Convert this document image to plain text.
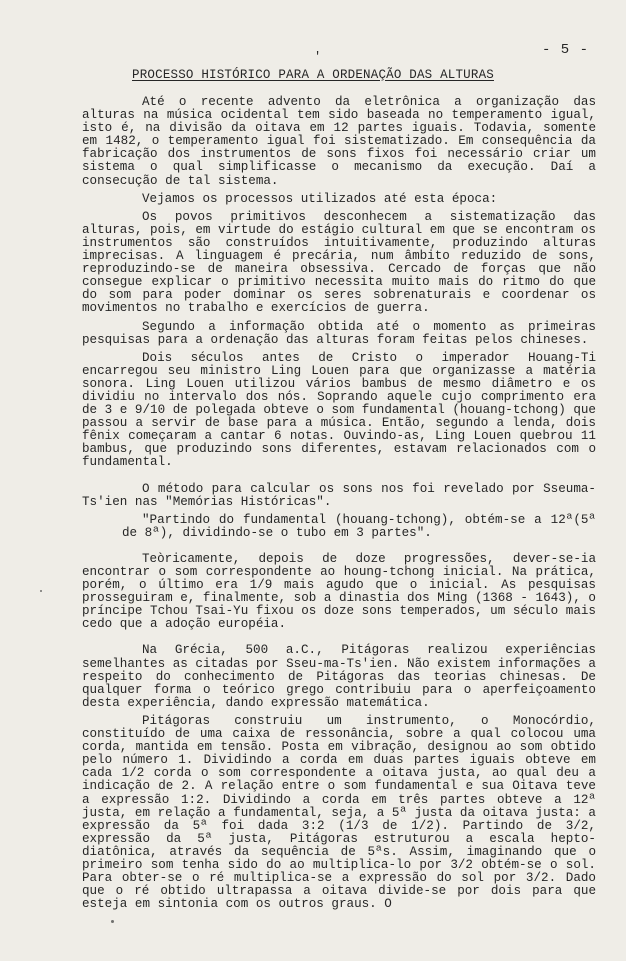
- 5 -
'
PROCESSO HISTÓRICO PARA A ORDENAÇÃO DAS ALTURAS

Até o recente advento da eletrônica a organização das alturas na música ocidental tem sido baseada no temperamento igual, isto é, na divisão da oitava em 12 partes iguais. Todavia, somente em 1482, o temperamento igual foi sistematizado. Em consequência da fabricação dos instrumentos de sons fixos foi necessário criar um sistema o qual simplificasse o mecanismo da execução. Daí a consecução de tal sistema.

Vejamos os processos utilizados até esta época:

Os povos primitivos desconhecem a sistematização das alturas, pois, em virtude do estágio cultural em que se encontram os instrumentos são construídos intuitivamente, produzindo alturas imprecisas. A linguagem é precária, num âmbito reduzido de sons, reproduzindo-se de maneira obsessiva. Cercado de forças que não consegue explicar o primitivo necessita muito mais do ritmo do que do som para poder dominar os seres sobrenaturais e coordenar os movimentos no trabalho e exercícios de guerra.

Segundo a informação obtida até o momento as primeiras pesquisas para a ordenação das alturas foram feitas pelos chineses.

Dois séculos antes de Cristo o imperador Houang-Ti encarregou seu ministro Ling Louen para que organizasse a matéria sonora. Ling Louen utilizou vários bambus de mesmo diâmetro e os dividiu no intervalo dos nós. Soprando aquele cujo comprimento era de 3 e 9/10 de polegada obteve o som fundamental (houang-tchong) que passou a servir de base para a música. Então, segundo a lenda, dois fênix começaram a cantar 6 notas. Ouvindo-as, Ling Louen quebrou 11 bambus, que produzindo sons diferentes, estavam relacionados com o fundamental.

O método para calcular os sons nos foi revelado por Sseuma-Ts'ien nas "Memórias Históricas".

"Partindo do fundamental (houang-tchong), obtém-se a 12ª(5ª de 8ª), dividindo-se o tubo em 3 partes".

Teòricamente, depois de doze progressões, dever-se-ia encontrar o som correspondente ao houng-tchong inicial. Na prática, porém, o último era 1/9 mais agudo que o inicial. As pesquisas prosseguiram e, finalmente, sob a dinastia dos Ming (1368 - 1643), o príncipe Tchou Tsai-Yu fixou os doze sons temperados, um século mais cedo que a adoção européia.

Na Grécia, 500 a.C., Pitágoras realizou experiências semelhantes as citadas por Sseu-ma-Ts'ien. Não existem informações a respeito do conhecimento de Pitágoras das teorias chinesas. De qualquer forma o teórico grego contribuiu para o aperfeiçoamento desta experiência, dando expressão matemática.

Pitágoras construiu um instrumento, o Monocórdio, constituído de uma caixa de ressonância, sobre a qual colocou uma corda, mantida em tensão. Posta em vibração, designou ao som obtido pelo número 1. Dividindo a corda em duas partes iguais obteve em cada 1/2 corda o som correspondente a oitava justa, ao qual deu a indicação de 2. A relação entre o som fundamental e sua Oitava teve a expressão 1:2. Dividindo a corda em três partes obteve a 12ª justa, em relação a fundamental, seja, a 5ª justa da oitava justa: a expressão da 5ª foi dada 3:2 (1/3 de 1/2). Partindo de 3/2, expressão da 5ª justa, Pitágoras estruturou a escala hepto-diatônica, através da sequência de 5ªs. Assim, imaginando que o primeiro som tenha sido do ao multiplica-lo por 3/2 obtém-se o sol. Para obter-se o ré multiplica-se a expressão do sol por 3/2. Dado que o ré obtido ultrapassa a oitava divide-se por dois para que esteja em sintonia com os outros graus. O
